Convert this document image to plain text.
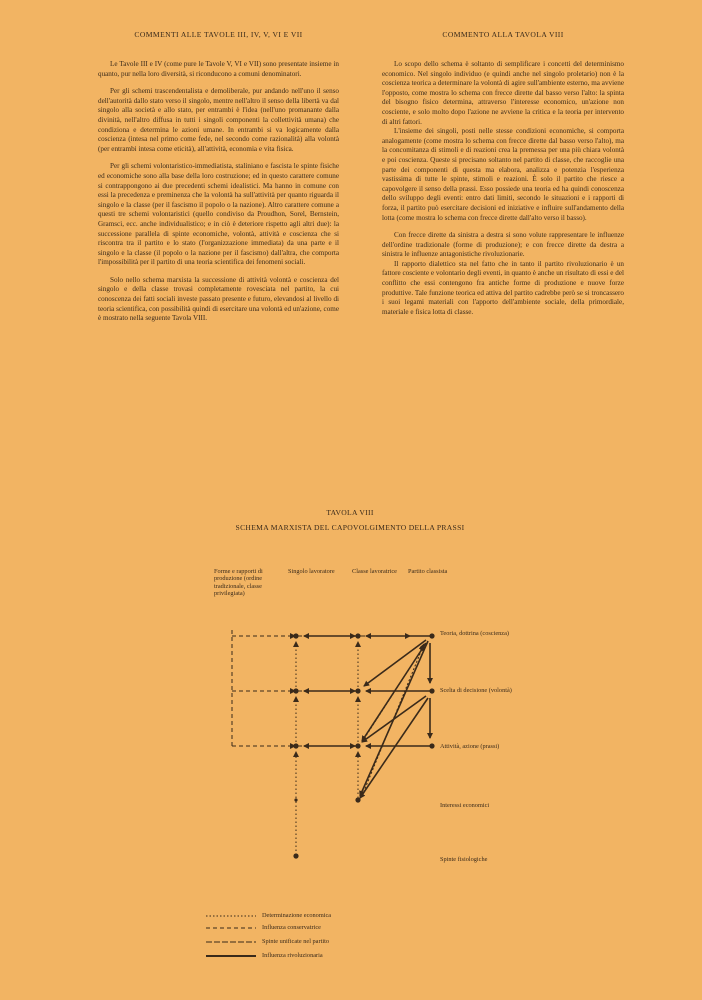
COMMENTI ALLE TAVOLE III, IV, V, VI E VII	COMMENTO ALLA TAVOLA VIII

Le Tavole III e IV (come pure le Tavole V, VI e VII) sono presentate insieme in quanto, pur nella loro diversità, si riconducono a comuni denominatori.

Per gli schemi trascendentalista e demoliberale, pur andando nell'uno il senso dell'autorità dallo stato verso il singolo, mentre nell'altro il senso della libertà va dal singolo alla società e allo stato, per entrambi è l'idea (nell'uno promanante dalla divinità, nell'altro diffusa in tutti i singoli componenti la collettività umana) che condiziona e determina le azioni umane. In entrambi si va logicamente dalla coscienza (intesa nel primo come fede, nel secondo come razionalità) alla volontà (per entrambi intesa come eticità), all'attività, economia e vita fisica.

Per gli schemi volontaristico-immediatista, staliniano e fascista le spinte fisiche ed economiche sono alla base della loro costruzione; ed in questo carattere comune si contrappongono ai due precedenti schemi idealistici. Ma hanno in comune con essi la precedenza e preminenza che la volontà ha sull'attività per quanto riguarda il singolo e la classe (per il fascismo il popolo o la nazione). Altro carattere comune a questi tre schemi volontaristici (quello condiviso da Proudhon, Sorel, Bernstein, Gramsci, ecc. anche individualistico; e in ciò è deteriore rispetto agli altri due): la successione parallela di spinte economiche, volontà, attività e coscienza che si riscontra tra il partito e lo stato (l'organizzazione immediata) da una parte e il singolo e la classe (il popolo o la nazione per il fascismo) dall'altra, che comporta l'impossibilità per il partito di una teoria scientifica dei fenomeni sociali.

Solo nello schema marxista la successione di attività volontà e coscienza del singolo e della classe trovasi completamente rovesciata nel partito, la cui conoscenza dei fatti sociali investe passato presente e futuro, elevandosi al livello di teoria scientifica, con possibilità quindi di esercitare una volontà ed un'azione, come è mostrato nella seguente Tavola VIII.

Lo scopo dello schema è soltanto di semplificare i concetti del determinismo economico. Nel singolo individuo (e quindi anche nel singolo proletario) non è la coscienza teorica a determinare la volontà di agire sull'ambiente esterno, ma avviene l'opposto, come mostra lo schema con frecce dirette dal basso verso l'alto: la spinta del bisogno fisico determina, attraverso l'interesse economico, un'azione non cosciente, e solo molto dopo l'azione ne avviene la critica e la teoria per intervento di altri fattori.

L'insieme dei singoli, posti nelle stesse condizioni economiche, si comporta analogamente (come mostra lo schema con frecce dirette dal basso verso l'alto), ma la concomitanza di stimoli e di reazioni crea la premessa per una più chiara volontà e poi coscienza. Queste si precisano soltanto nel partito di classe, che raccoglie una parte dei componenti di questa ma elabora, analizza e potenzia l'esperienza vastissima di tutte le spinte, stimoli e reazioni. È solo il partito che riesce a capovolgere il senso della prassi. Esso possiede una teoria ed ha quindi conoscenza dello sviluppo degli eventi: entro dati limiti, secondo le situazioni e i rapporti di forza, il partito può esercitare decisioni ed iniziative e influire sull'andamento della lotta (come mostra lo schema con frecce dirette dall'alto verso il basso).

Con frecce dirette da sinistra a destra si sono volute rappresentare le influenze dell'ordine tradizionale (forme di produzione); e con frecce dirette da destra a sinistra le influenze antagonistiche rivoluzionarie.

Il rapporto dialettico sta nel fatto che in tanto il partito rivoluzionario è un fattore cosciente e volontario degli eventi, in quanto è anche un risultato di essi e del conflitto che essi contengono fra antiche forme di produzione e nuove forze produttive. Tale funzione teorica ed attiva del partito cadrebbe però se si troncassero i suoi legami materiali con l'apporto dell'ambiente sociale, della primordiale, materiale e fisica lotta di classe.

TAVOLA VIII
SCHEMA MARXISTA DEL CAPOVOLGIMENTO DELLA PRASSI
Forme e rapporti di produzione (ordine tradizionale, classe privilegiata)
Singolo lavoratore	Classe lavoratrice	Partito classista
Teoria, dottrina (coscienza)
Scelta di decisione (volontà)
Attività, azione (prassi)
Interessi economici
Spinte fisiologiche
Determinazione economica
Influenza conservatrice
Spinte unificate nel partito
Influenza rivoluzionaria
